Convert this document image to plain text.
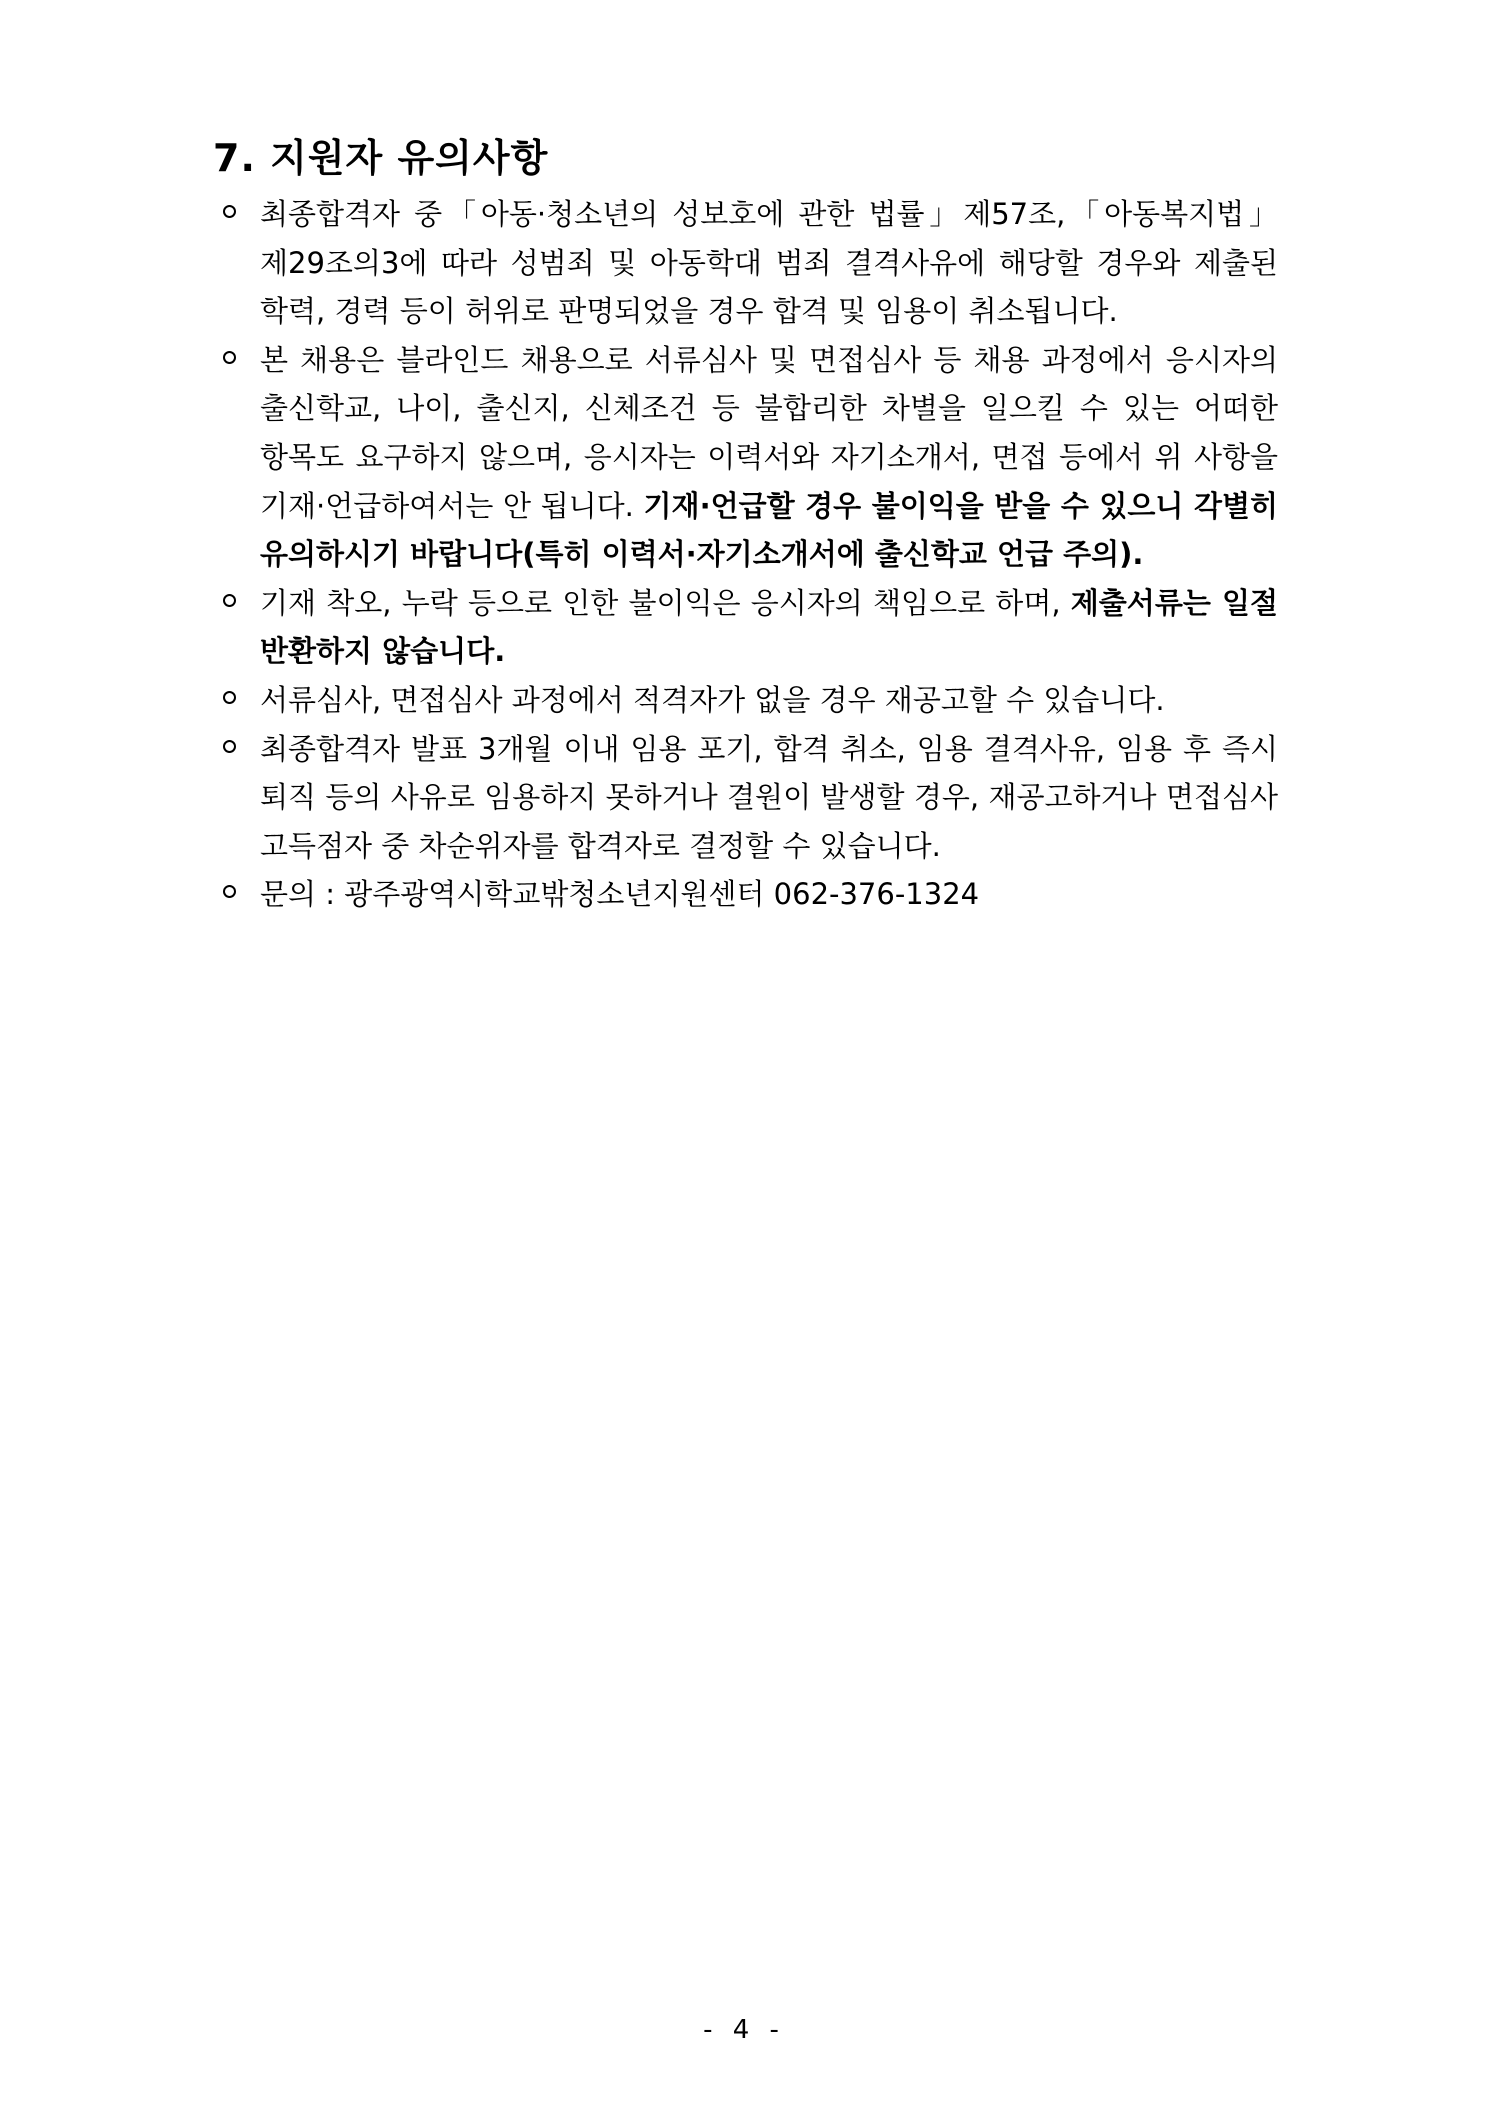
7. 지원자 유의사항
최종합격자 중「아동·청소년의 성보호에 관한 법률」제57조,「아동복지법」제29조의3에 따라 성범죄 및 아동학대 범죄 결격사유에 해당할 경우와 제출된 학력, 경력 등이 허위로 판명되었을 경우 합격 및 임용이 취소됩니다.
본 채용은 블라인드 채용으로 서류심사 및 면접심사 등 채용 과정에서 응시자의 출신학교, 나이, 출신지, 신체조건 등 불합리한 차별을 일으킬 수 있는 어떠한 항목도 요구하지 않으며, 응시자는 이력서와 자기소개서, 면접 등에서 위 사항을 기재·언급하여서는 안 됩니다. 기재·언급할 경우 불이익을 받을 수 있으니 각별히 유의하시기 바랍니다(특히 이력서·자기소개서에 출신학교 언급 주의).
기재 착오, 누락 등으로 인한 불이익은 응시자의 책임으로 하며, 제출서류는 일절 반환하지 않습니다.
서류심사, 면접심사 과정에서 적격자가 없을 경우 재공고할 수 있습니다.
최종합격자 발표 3개월 이내 임용 포기, 합격 취소, 임용 결격사유, 임용 후 즉시 퇴직 등의 사유로 임용하지 못하거나 결원이 발생할 경우, 재공고하거나 면접심사 고득점자 중 차순위자를 합격자로 결정할 수 있습니다.
문의 : 광주광역시학교밖청소년지원센터 062-376-1324
- 4 -
